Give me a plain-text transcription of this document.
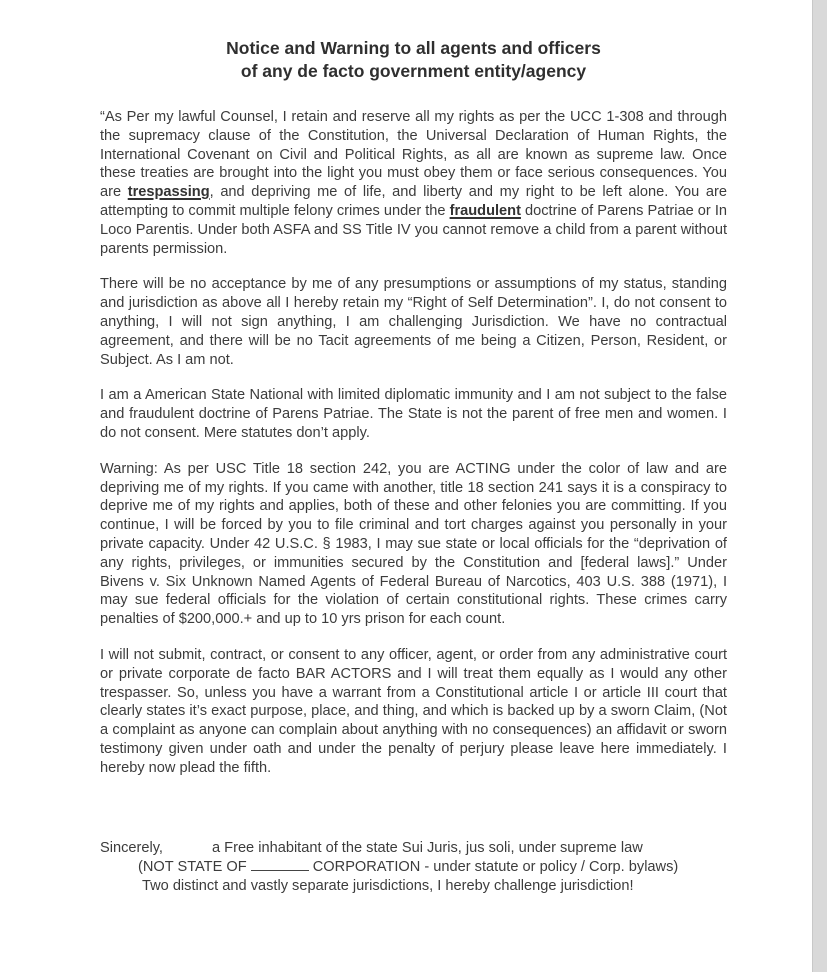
Notice and Warning to all agents and officers
of any de facto government entity/agency

“As Per my lawful Counsel, I retain and reserve all my rights as per the UCC 1-308 and through the supremacy clause of the Constitution, the Universal Declaration of Human Rights, the International Covenant on Civil and Political Rights, as all are known as supreme law. Once these treaties are brought into the light you must obey them or face serious consequences. You are trespassing, and depriving me of life, and liberty and my right to be left alone. You are attempting to commit multiple felony crimes under the fraudulent doctrine of Parens Patriae or In Loco Parentis. Under both ASFA and SS Title IV you cannot remove a child from a parent without parents permission.

There will be no acceptance by me of any presumptions or assumptions of my status, standing and jurisdiction as above all I hereby retain my “Right of Self Determination”. I, do not consent to anything, I will not sign anything, I am challenging Jurisdiction. We have no contractual agreement, and there will be no Tacit agreements of me being a Citizen, Person, Resident, or Subject. As I am not.

I am a American State National with limited diplomatic immunity and I am not subject to the false and fraudulent doctrine of Parens Patriae. The State is not the parent of free men and women. I do not consent. Mere statutes don’t apply.

Warning: As per USC Title 18 section 242, you are ACTING under the color of law and are depriving me of my rights. If you came with another, title 18 section 241 says it is a conspiracy to deprive me of my rights and applies, both of these and other felonies you are committing. If you continue, I will be forced by you to file criminal and tort charges against you personally in your private capacity. Under 42 U.S.C. § 1983, I may sue state or local officials for the “deprivation of any rights, privileges, or immunities secured by the Constitution and [federal laws].” Under Bivens v. Six Unknown Named Agents of Federal Bureau of Narcotics, 403 U.S. 388 (1971), I may sue federal officials for the violation of certain constitutional rights. These crimes carry penalties of $200,000.+ and up to 10 yrs prison for each count.

I will not submit, contract, or consent to any officer, agent, or order from any administrative court or private corporate de facto BAR ACTORS and I will treat them equally as I would any other trespasser. So, unless you have a warrant from a Constitutional article I or article III court that clearly states it’s exact purpose, place, and thing, and which is backed up by a sworn Claim, (Not a complaint as anyone can complain about anything with no consequences) an affidavit or sworn testimony given under oath and under the penalty of perjury please leave here immediately. I hereby now plead the fifth.

Sincerely,	a Free inhabitant of the state Sui Juris, jus soli, under supreme law
(NOT STATE OF	CORPORATION - under statute or policy / Corp. bylaws)
Two distinct and vastly separate jurisdictions, I hereby challenge jurisdiction!
